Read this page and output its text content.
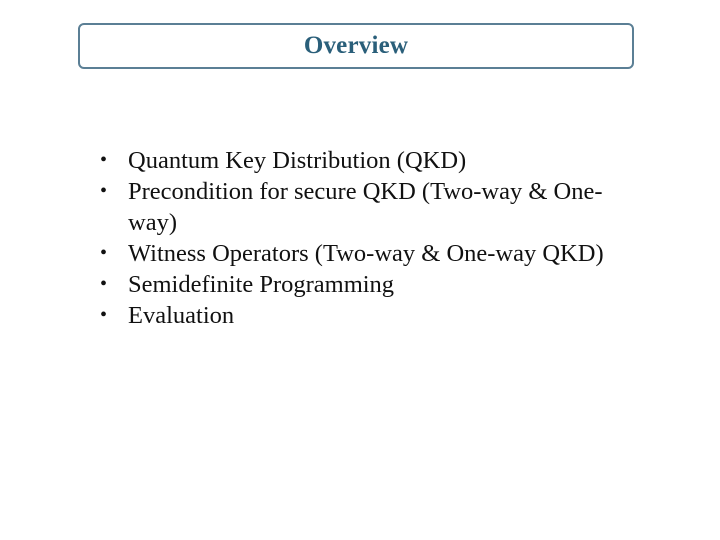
Overview
• Quantum Key Distribution (QKD)
• Precondition for secure QKD (Two-way & One-way)
• Witness Operators (Two-way & One-way QKD)
• Semidefinite Programming
• Evaluation
